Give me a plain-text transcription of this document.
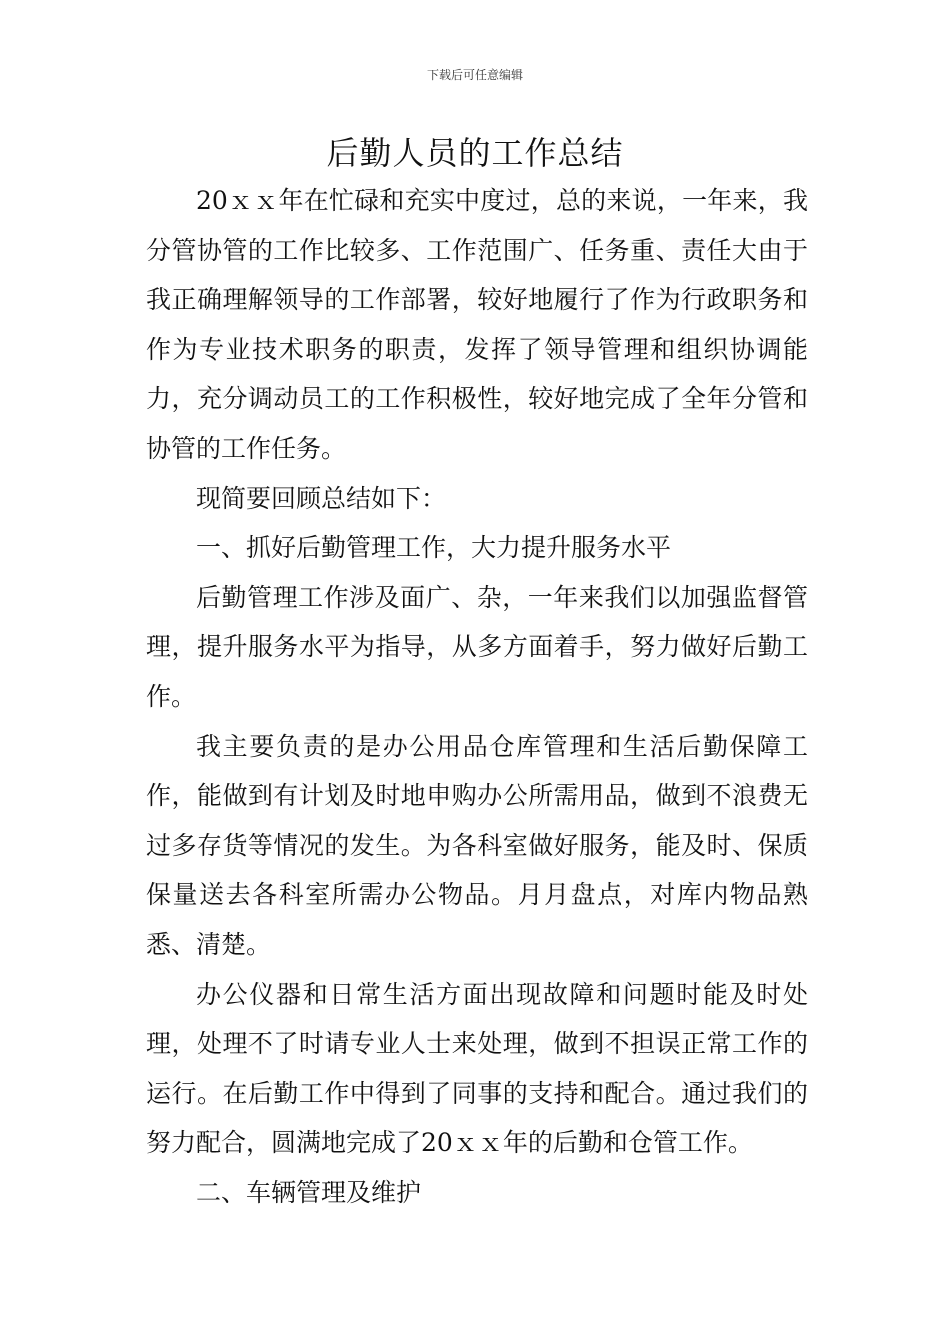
下载后可任意编辑
后勤人员的工作总结

20ｘｘ年在忙碌和充实中度过，总的来说，一年来，我分管协管的工作比较多、工作范围广、任务重、责任大由于我正确理解领导的工作部署，较好地履行了作为行政职务和作为专业技术职务的职责，发挥了领导管理和组织协调能力，充分调动员工的工作积极性，较好地完成了全年分管和协管的工作任务。

现简要回顾总结如下：

一、抓好后勤管理工作，大力提升服务水平

后勤管理工作涉及面广、杂，一年来我们以加强监督管理，提升服务水平为指导，从多方面着手，努力做好后勤工作。

我主要负责的是办公用品仓库管理和生活后勤保障工作，能做到有计划及时地申购办公所需用品，做到不浪费无过多存货等情况的发生。为各科室做好服务，能及时、保质保量送去各科室所需办公物品。月月盘点，对库内物品熟悉、清楚。

办公仪器和日常生活方面出现故障和问题时能及时处理，处理不了时请专业人士来处理，做到不担误正常工作的运行。在后勤工作中得到了同事的支持和配合。通过我们的努力配合，圆满地完成了20ｘｘ年的后勤和仓管工作。

二、车辆管理及维护
